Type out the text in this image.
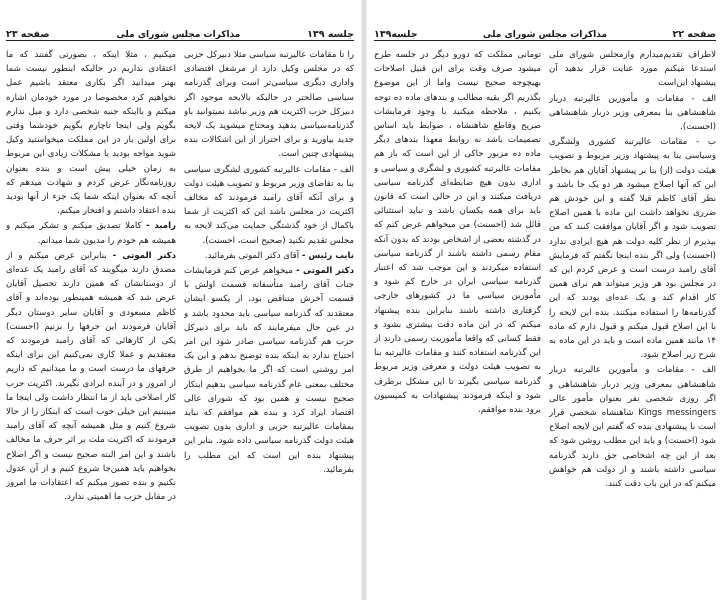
جلسه ۱۳۹
مذاکرات مجلس شورای ملی
صفحه ۲۳

را تا مقامات عالیرتبه سیاسی مثلا دبیرکل حزبی که در مجلس وکیل دارد از مرشغل اقتصادی واداری دیگری سیاسی‌تر است وبرای گذرنامه سیاسی صالحتر در حالیکه بالایحه موجود اگر دبیرکل حزب اکثریت هم وزیر نباشد نمیتوانید باو گذرنامه‌سیاسی بدهید ومحتاج میشوید یک لایحه جدید بیاورید و برای احتراز از این اشکالات بنده پیشنهادی چنین است.

الف - مقامات عالیرتبه کشوری لشگری سیاسی بنا به تقاضای وزیر مربوط و تصویب هیئت دولت و برای آنکه آقای رامبد فرمودند که مخالف اکثریت در مجلس باشد این که اکثریت از شما باکمال از خود گذشتگی حمایت می‌کند لایحه به مجلس تقدیم نکنید (صحیح است، احسنت).

نایب رئیس - آقای دکتر الموتی بفرمائید.

دکتر الموتی - میخواهم عرض کنم فرمایشات جناب آقای رامبد متأسفانه قسمت اولش با قسمت آخرش متناقض بود، از یکسو ایشان معتقدند که گذرنامه سیاسی باید محدود باشد و در عین حال میفرمایند که باید برای دبیرکل حزب هم گذرنامه سیاسی صادر شود این امر احتیاج ندارد به اینکه بنده توضیح بدهم و این یک امر روشنی است که اگر ما بخواهیم از طرق مختلف بمعنی عام گذرنامه سیاسی بدهیم اینکار صحیح نیست و همین بود که شورای عالی اقتصاد ایراد کرد و بنده هم موافقم که نباید بمقامات عالیرتبه حزبی و اداری بدون تصویب هیئت دولت گذرنامه سیاسی داده شود. بنابر این پیشنهاد بنده این است که این مطلب را بفرمائید.

میکنیم ، مثلا اینکه ، بصورتی گفتند که ما اعتقادی نداریم در حالیکه اینطور نیست شما بهتر میدانید اگر بکاری معتقد باشیم عمل نخواهیم کرد مخصوصا در مورد خودمان اشاره میکنم و بااینکه جنبه شخصی دارد و میل ندارم بگویم ولی اینجا ناچارم بگویم خودشما وقتی برای اولین بار در این مملکت میخواستید وکیل شوید مواجه بودید با مشکلات زیادی این مربوط به زمان خیلی پیش است و بنده بعنوان روزنامه‌نگار عرض کردم و شهادت میدهم که آنچه که بعنوان اینکه شما یک جزء از آنها بودید بنده اعتقاد داشتم و افتخار میکنم.

رامبد - کاملا تصدیق میکنم و تشکر میکنم و همیشه هم خودم را مدیون شما میدانم.

دکتر الموتی - بنابراین عرض میکنم و از مصدق دارند میگویند که آقای رامبد یک عده‌ای از دوستانشان که همین دارند تحصیل آقایان عرض شد که همیشه همینطور بوده‌اند و آقای کاظم مسعودی و آقایان سایر دوستان دیگر آقایان فرمودند این حرفها را بزنیم (احسنت) یکی از کارهائی که آقای رامبد فرمودند که معتقدیم و عملا کاری نمی‌کنیم این برای اینکه حرفهای ما درست است و ما میدانیم که داریم از امروز و در آینده ایرادی نگیرند. اکثریت حزب کار اصلاحی باید از ما انتظار داشت ولی اینجا ما میبینیم این خیلی خوب است که اینکار را از حالا شروع کنیم و مثل همیشه آنچه که آقای رامبد فرمودند که اکثریت ملت بر اثر حرف ما مخالف باشند و این امر البته صحیح نیست و اگر اصلاح بخواهیم باید همین‌جا شروع کنیم و از آن عدول نکنیم و بنده تصور میکنم که اعتقادات ما امروز در مقابل حزب ما اهمیتی ندارد.

صفحه ۲۲
مذاکرات مجلس شورای ملی
جلسه۱۳۹

لاطراف تقدیم‌میدارم وازمجلس شورای ملی استدعا میکنم مورد عنایت قرار بدهید آن پیشنهاد این‌است

الف - مقامات و مأمورین عالیرتبه دربار شاهنشاهی بنا بمعرفی وزیر دربار شاهنشاهی (احسنت).

ب - مقامات عالیرتبه کشوری ولشگری وسیاسی بنا به پیشنهاد وزیر مربوط و تصویب هیئت دولت (از) بنا بر پیشنهاد آقایان هم بخاطر این که آنها اصلاح میشود هر دو یک جا باشد و نظر آقای کاظم قبلا گفته و این خودش هم ضرری نخواهد داشت این ماده با همین اصلاح تصویب شود و اگر آقایان موافقت کنند که من بپذیرم از نظر کلیه دولت هم هیچ ایرادی ندارد (احسنت) ولی اگر بنده اینجا نگفتم که فرمایش آقای رامبد درست است و عرض کردم این که در مجلس بود هر وزیر میتواند هم برای همین کار اقدام کند و یک عده‌ای بودند که این گذرنامه‌ها را استفاده میکنند. بنده این لایحه را با این اصلاح قبول میکنم و قبول دارم که ماده ۱۴ مانند همین ماده است و باید در این ماده به شرح زیر اصلاح شود.

الف - مقامات و مأمورین عالیرتبه دربار شاهنشاهی بمعرفی وزیر دربار شاهنشاهی و اگر روزی شخصی نفر بعنوان مأمور عالی Kings messingers شاهنشاه شخصی قرار است با پیشنهادی‌ بنده که گفتم این لایحه اصلاح شود (احسنت) و باید این مطلب روشن شود که بعد از این چه اشخاصی حق دارند گذرنامه سیاسی داشته باشند و از دولت هم خواهش میکنم که در این باب دقت کنند.

تومانی مملکت که دورو دیگر در جلسه طرح میشود صرف وقت برای این قبیل اصلاحات بهیچوجه صحیح نیست واما از این موضوع بگذریم اگر بقیه مطالب و بندهای ماده ده توجه بکنیم ، ملاحظه میکنید با وجود فرمایشات صریح وقاطع شاهنشاه ، ضوابط باید اساس تصمیمات باشد نه روابط معهذا بندهای دیگر ماده ده مزبور حاکی از این است که باز هم مقامات عالیرتبه کشوری و لشگری و سیاسی و اداری بدون هیچ ضابطه‌ای گذرنامه سیاسی دریافت میکنند و این در حالی است که قانون باید برای همه یکسان باشد و نباید استثنائی قائل شد (احسنت) من میخواهم عرض کنم که در گذشته بعضی از اشخاص بودند که بدون آنکه مقام رسمی داشته باشند از گذرنامه سیاسی استفاده میکردند و این موجب شد که اعتبار گذرنامه سیاسی ایران در خارج کم شود و مأمورین سیاسی ما در کشورهای خارجی گرفتاری داشته باشند بنابراین بنده پیشنهاد میکنم که در این ماده دقت بیشتری بشود و فقط کسانی که واقعا مأموریت رسمی دارند از این گذرنامه استفاده کنند و مقامات عالیرتبه بنا به تصویب هیئت دولت و معرفی وزیر مربوط گذرنامه سیاسی بگیرند تا این مشکل برطرف شود و اینکه فرمودند پیشنهادات به کمیسیون برود بنده موافقم.
